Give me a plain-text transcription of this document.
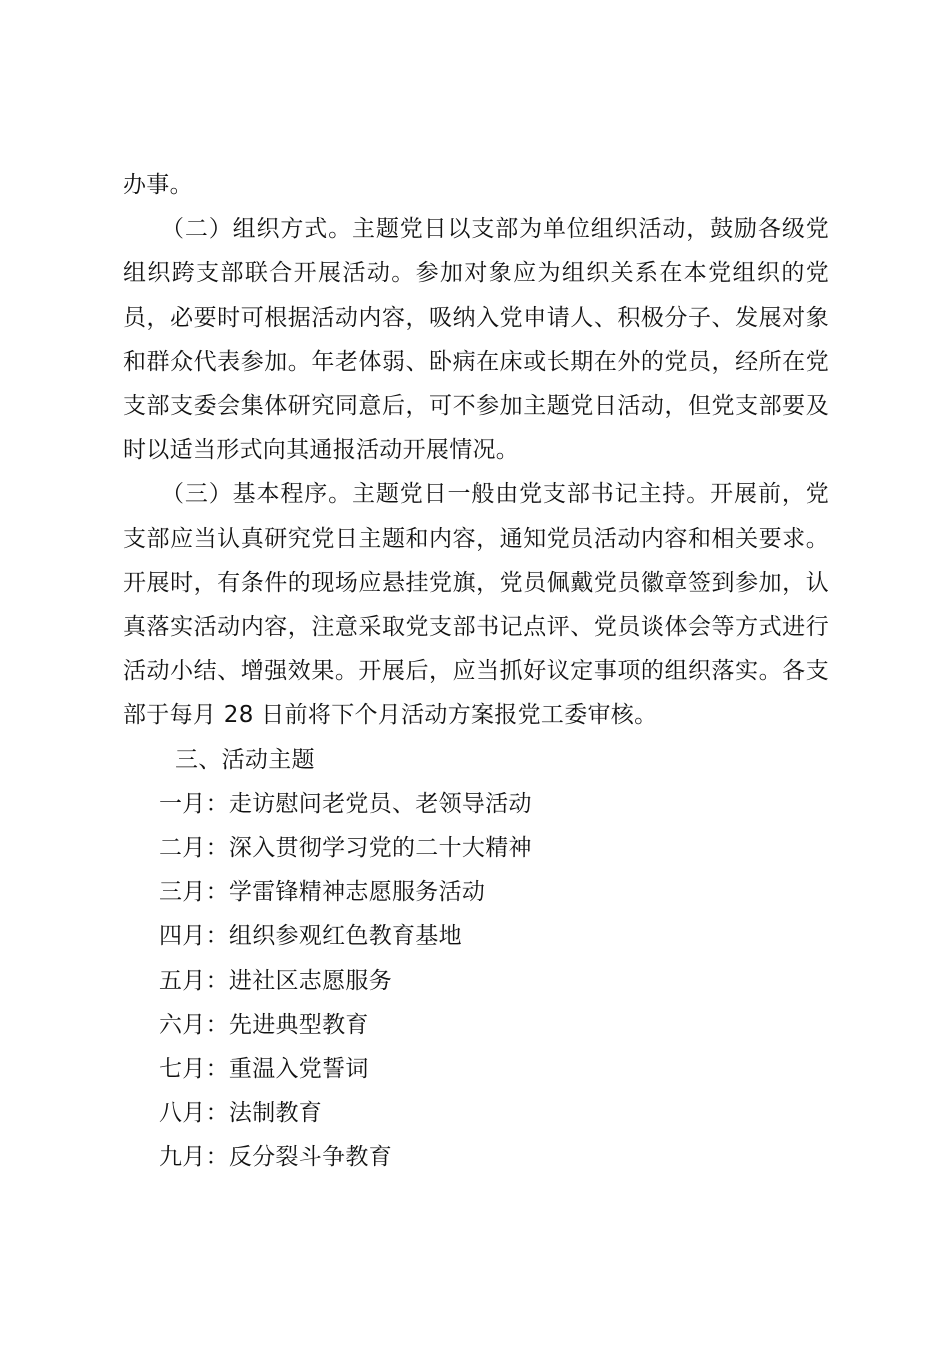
办事。

（二）组织方式。主题党日以支部为单位组织活动，鼓励各级党组织跨支部联合开展活动。参加对象应为组织关系在本党组织的党员，必要时可根据活动内容，吸纳入党申请人、积极分子、发展对象和群众代表参加。年老体弱、卧病在床或长期在外的党员，经所在党支部支委会集体研究同意后，可不参加主题党日活动，但党支部要及时以适当形式向其通报活动开展情况。

（三）基本程序。主题党日一般由党支部书记主持。开展前，党支部应当认真研究党日主题和内容，通知党员活动内容和相关要求。开展时，有条件的现场应悬挂党旗，党员佩戴党员徽章签到参加，认真落实活动内容，注意采取党支部书记点评、党员谈体会等方式进行活动小结、增强效果。开展后，应当抓好议定事项的组织落实。各支部于每月 28 日前将下个月活动方案报党工委审核。

三、活动主题

一月：走访慰问老党员、老领导活动
二月：深入贯彻学习党的二十大精神
三月：学雷锋精神志愿服务活动
四月：组织参观红色教育基地
五月：进社区志愿服务
六月：先进典型教育
七月：重温入党誓词
八月：法制教育
九月：反分裂斗争教育
